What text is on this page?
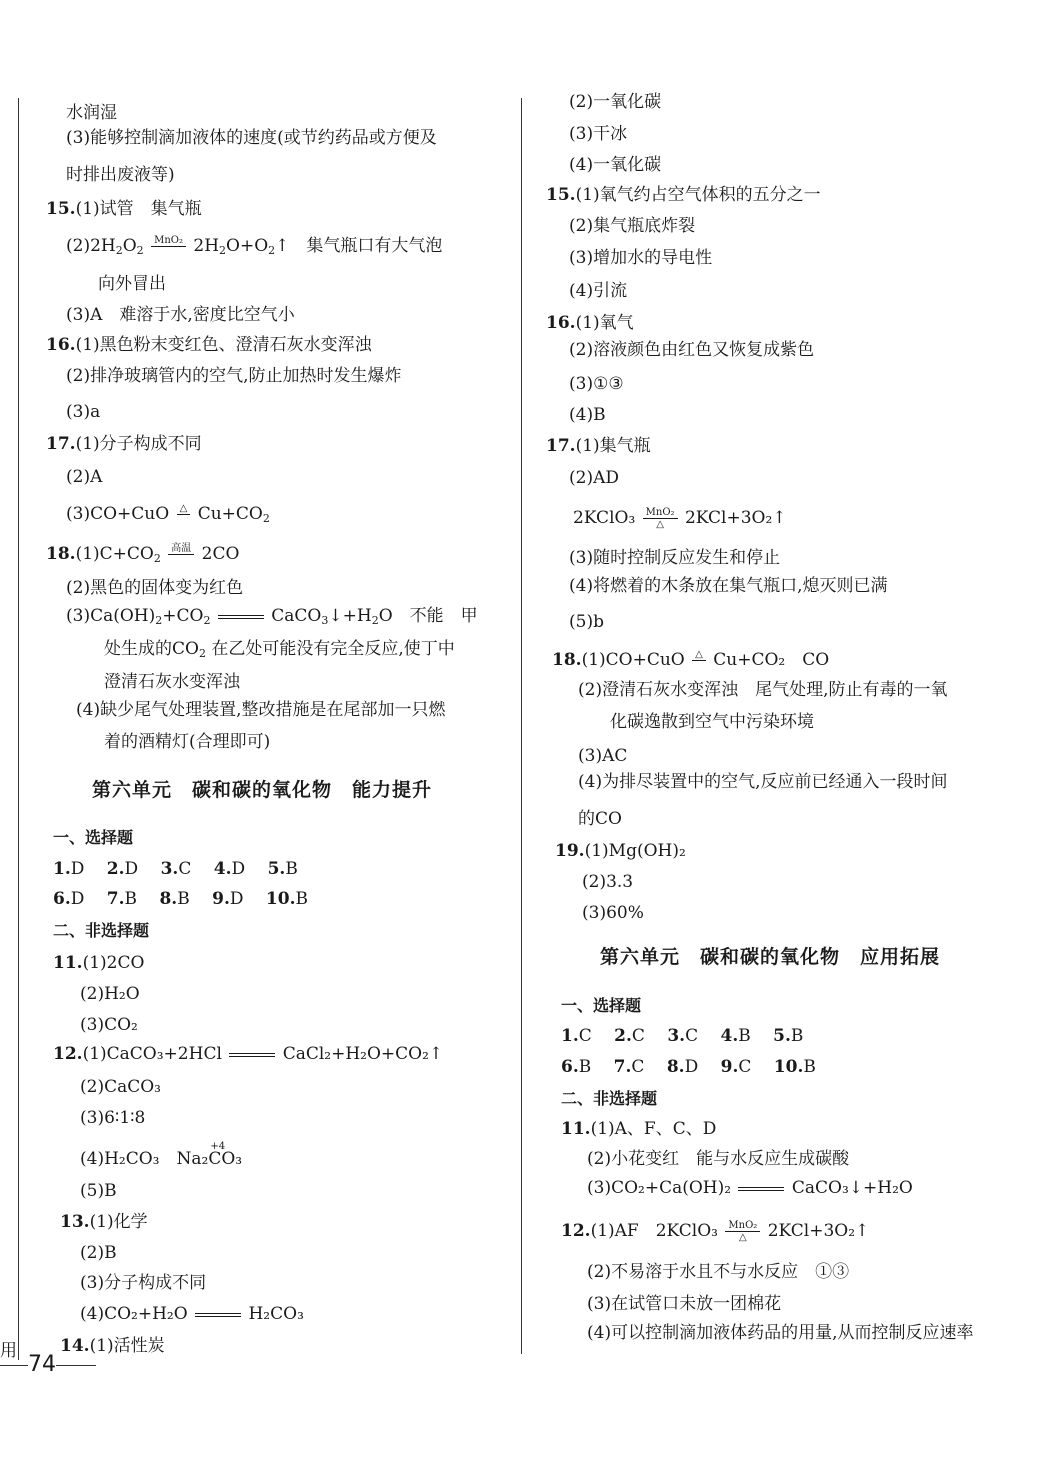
水润湿
(3)能够控制滴加液体的速度(或节约药品或方便及
时排出废液等)
15.(1)试管　集气瓶
$(2)2H_2O_2$
MnO₂ $2H_2O+O_2↑$　集气瓶口有大气泡
向外冒出
(3)A　难溶于水,密度比空气小
16.(1)黑色粉末变红色、澄清石灰水变浑浊
(2)排净玻璃管内的空气,防止加热时发生爆炸
(3)a
17.(1)分子构成不同
(2)A
(3)CO+CuO	△ $Cu+CO_2$
$18.(1)C+CO_2$
高温 2CO
(2)黑色的固体变为红色
$(3)Ca(OH)_2+CO_2$	$CaCO_3↓+H_2O$　不能　甲
处生成的$CO_2$ 在乙处可能没有完全反应,使丁中
澄清石灰水变浑浊
(4)缺少尾气处理装置,整改措施是在尾部加一只燃
着的酒精灯(合理即可)
第六单元　碳和碳的氧化物　能力提升
一、选择题
1.D　 2.D　 3.C　 4.D　 5.B
6.D　 7.B　 8.B　 9.D　 10.B
二、非选择题
11.(1)2CO
(2)H₂O
(3)CO₂
12.(1)CaCO₃+2HCl	CaCl₂+H₂O+CO₂↑
(2)CaCO₃
(3)6∶1∶8
(4)H₂CO₃　Na₂
+4
CO₃
(5)B
13.(1)化学
(2)B
(3)分子构成不同
(4)CO₂+H₂O	H₂CO₃
14.(1)活性炭
(2)一氧化碳
(3)干冰
(4)一氧化碳
15.(1)氧气约占空气体积的五分之一
(2)集气瓶底炸裂
(3)增加水的导电性
(4)引流
16.(1)氧气
(2)溶液颜色由红色又恢复成紫色
(3)①③
(4)B
17.(1)集气瓶
(2)AD
2KClO₃ $\frac{\text{MnO₂}}{\triangle}$ 2KCl+3O₂↑
(3)随时控制反应发生和停止
(4)将燃着的木条放在集气瓶口,熄灭则已满
(5)b
18.(1)CO+CuO	△ Cu+CO₂　CO
(2)澄清石灰水变浑浊　尾气处理,防止有毒的一氧
化碳逸散到空气中污染环境
(3)AC
(4)为排尽装置中的空气,反应前已经通入一段时间
的CO
19.(1)Mg(OH)₂
(2)3.3
(3)60%
第六单元　碳和碳的氧化物　应用拓展
一、选择题
1.C　 2.C　 3.C　 4.B　 5.B
6.B　 7.C　 8.D　 9.C　 10.B
二、非选择题
11.(1)A、F、C、D
(2)小花变红　能与水反应生成碳酸
(3)CO₂+Ca(OH)₂	CaCO₃↓+H₂O
12.(1)AF　2KClO₃ $\frac{\text{MnO₂}}{\triangle}$ 2KCl+3O₂↑
(2)不易溶于水且不与水反应　①③
(3)在试管口未放一团棉花
(4)可以控制滴加液体药品的用量,从而控制反应速率
用
74
